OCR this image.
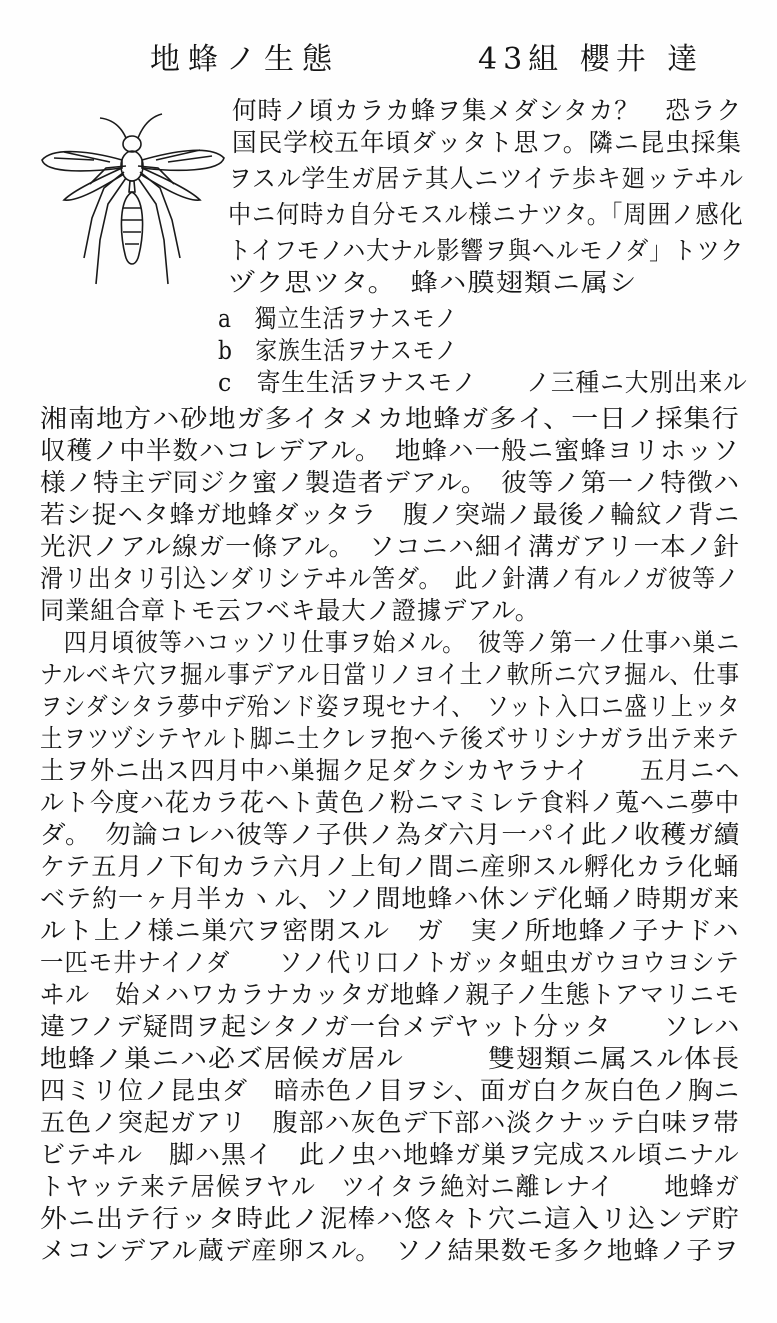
地蜂ノ生態	43組 櫻井 達
何時ノ頃カラカ蜂ヲ集メダシタカ？　恐ラク
国民学校五年頃ダッタト思フ。隣ニ昆虫採集
ヲスル学生ガ居テ其人ニツイテ歩キ廻ッテヰル
中ニ何時カ自分モスル様ニナツタ。「周囲ノ感化
トイフモノハ大ナル影響ヲ與ヘルモノダ」トツク
ヅク思ツタ。　蜂ハ膜翅類ニ属シ
a　獨立生活ヲナスモノ
b　家族生活ヲナスモノ
c　寄生生活ヲナスモノ　　ノ三種ニ大別出来ル
湘南地方ハ砂地ガ多イタメカ地蜂ガ多イ、一日ノ採集行
収穫ノ中半数ハコレデアル。　地蜂ハ一般ニ蜜蜂ヨリホッソ
様ノ特主デ同ジク蜜ノ製造者デアル。　彼等ノ第一ノ特徴ハ
若シ捉ヘタ蜂ガ地蜂ダッタラ　腹ノ突端ノ最後ノ輪紋ノ背ニ
光沢ノアル線ガ一條アル。　ソコニハ細イ溝ガアリ一本ノ針
滑リ出タリ引込ンダリシテヰル筈ダ。　此ノ針溝ノ有ルノガ彼等ノ
同業組合章トモ云フベキ最大ノ證據デアル。
　四月頃彼等ハコッソリ仕事ヲ始メル。　彼等ノ第一ノ仕事ハ巣ニ
ナルベキ穴ヲ掘ル事デアル日當リノヨイ土ノ軟所ニ穴ヲ掘ル、仕事
ヲシダシタラ夢中デ殆ンド姿ヲ現セナイ、　ソット入口ニ盛リ上ッタ
土ヲツヅシテヤルト脚ニ土クレヲ抱ヘテ後ズサリシナガラ出テ来テ
土ヲ外ニ出ス四月中ハ巣掘ク足ダクシカヤラナイ　　五月ニヘ
ルト今度ハ花カラ花ヘト黄色ノ粉ニマミレテ食料ノ蒐ヘニ夢中
ダ。　勿論コレハ彼等ノ子供ノ為ダ六月一パイ此ノ收穫ガ續
ケテ五月ノ下旬カラ六月ノ上旬ノ間ニ産卵スル孵化カラ化蛹
ベテ約一ヶ月半カヽル、ソノ間地蜂ハ休ンデ化蛹ノ時期ガ来
ルト上ノ様ニ巣穴ヲ密閉スル　ガ　実ノ所地蜂ノ子ナドハ
一匹モ井ナイノダ　　ソノ代リ口ノトガッタ蛆虫ガウヨウヨシテ
ヰル　始メハワカラナカッタガ地蜂ノ親子ノ生態トアマリニモ
違フノデ疑問ヲ起シタノガ一台メデヤット分ッタ　　ソレハ
地蜂ノ巣ニハ必ズ居候ガ居ル　　　雙翅類ニ属スル体長
四ミリ位ノ昆虫ダ　暗赤色ノ目ヲシ、面ガ白ク灰白色ノ胸ニ
五色ノ突起ガアリ　腹部ハ灰色デ下部ハ淡クナッテ白味ヲ帯
ビテヰル　脚ハ黒イ　此ノ虫ハ地蜂ガ巣ヲ完成スル頃ニナル
トヤッテ来テ居候ヲヤル　ツイタラ絶対ニ離レナイ　　地蜂ガ
外ニ出テ行ッタ時此ノ泥棒ハ悠々ト穴ニ這入リ込ンデ貯
メコンデアル蔵デ産卵スル。　ソノ結果数モ多ク地蜂ノ子ヲ
